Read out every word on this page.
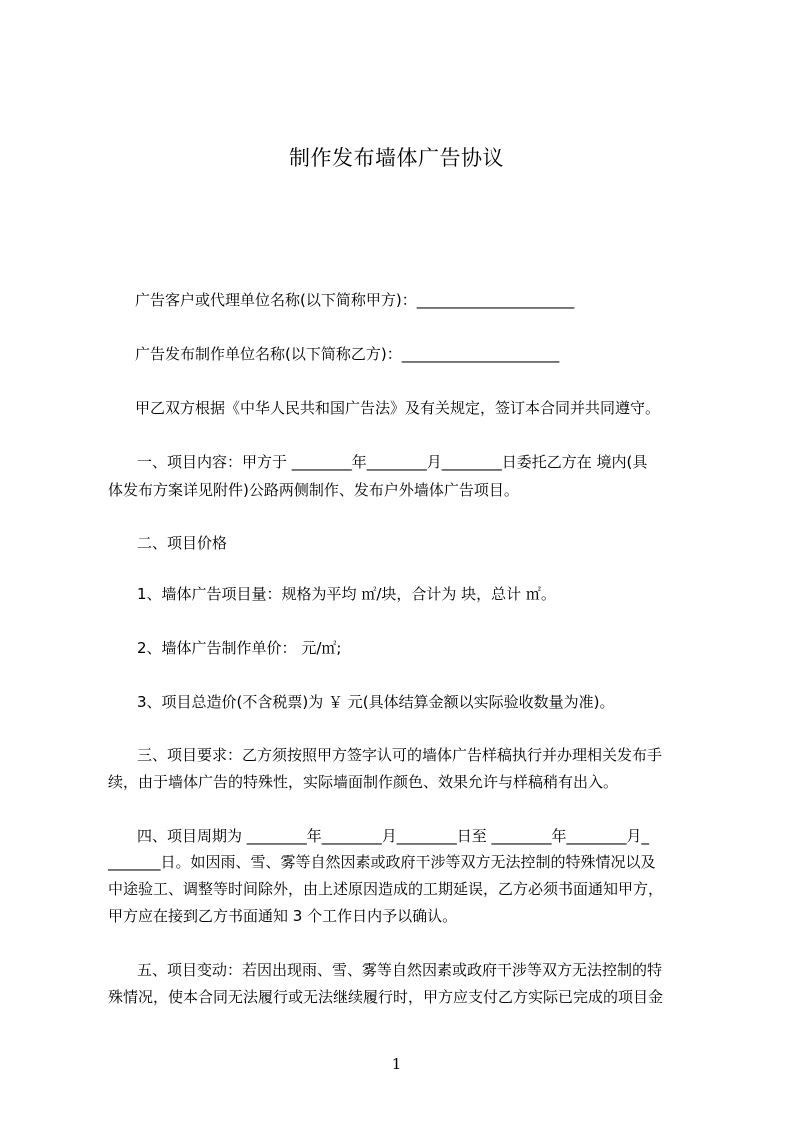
制作发布墙体广告协议
广告客户或代理单位名称(以下简称甲方)：_____________________
广告发布制作单位名称(以下简称乙方)：_____________________
甲乙双方根据《中华人民共和国广告法》及有关规定，签订本合同并共同遵守。
一、项目内容：甲方于 ________年________月________日委托乙方在 境内(具
体发布方案详见附件)公路两侧制作、发布户外墙体广告项目。
二、项目价格
1、墙体广告项目量：规格为平均 ㎡/块，合计为 块，总计 ㎡。
2、墙体广告制作单价： 元/㎡;
3、项目总造价(不含税票)为 ￥ 元(具体结算金额以实际验收数量为准)。
三、项目要求：乙方须按照甲方签字认可的墙体广告样稿执行并办理相关发布手
续，由于墙体广告的特殊性，实际墙面制作颜色、效果允许与样稿稍有出入。
四、项目周期为 ________年________月________日至 ________年________月_
_______日。如因雨、雪、雾等自然因素或政府干涉等双方无法控制的特殊情况以及
中途验工、调整等时间除外，由上述原因造成的工期延误，乙方必须书面通知甲方，
甲方应在接到乙方书面通知 3 个工作日内予以确认。
五、项目变动：若因出现雨、雪、雾等自然因素或政府干涉等双方无法控制的特
殊情况，使本合同无法履行或无法继续履行时，甲方应支付乙方实际已完成的项目金
1
